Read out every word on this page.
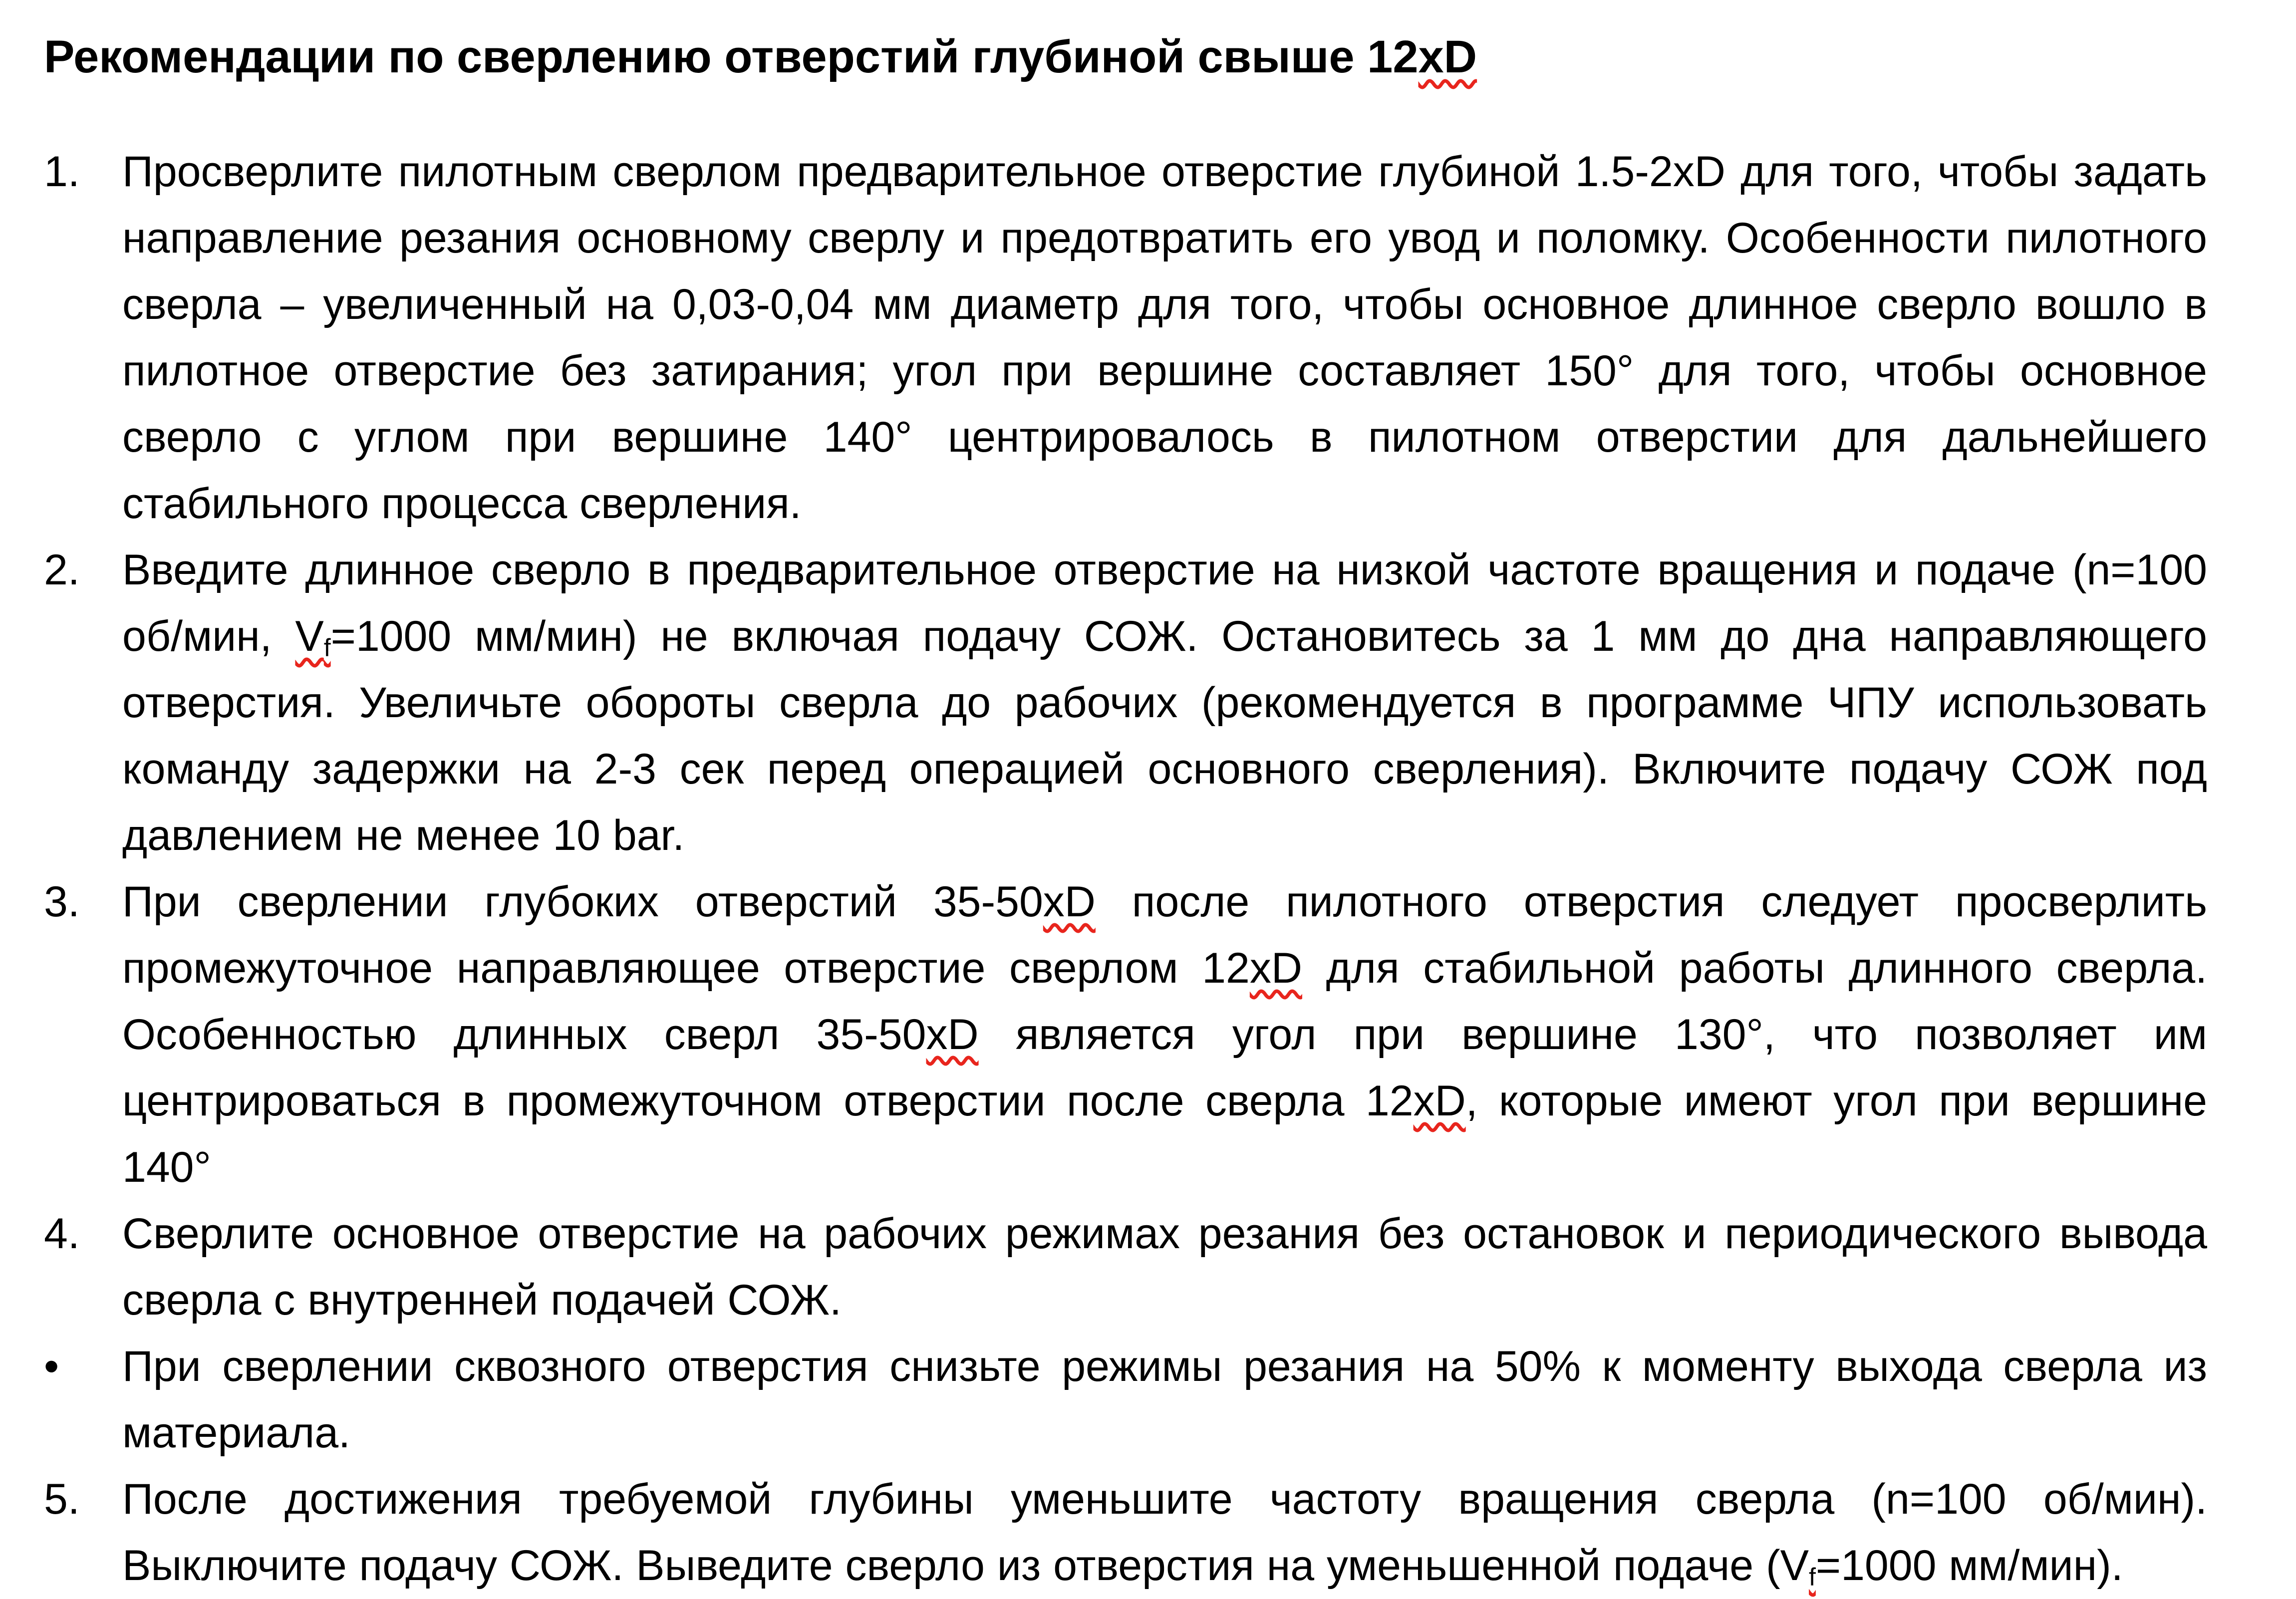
Рекомендации по сверлению отверстий глубиной свыше 12xD
1. Просверлите пилотным сверлом предварительное отверстие глубиной 1.5-2xD для того, чтобы задать направление резания основному сверлу и предотвратить его увод и поломку. Особенности пилотного сверла – увеличенный на 0,03-0,04 мм диаметр для того, чтобы основное длинное сверло вошло в пилотное отверстие без затирания; угол при вершине составляет 150° для того, чтобы основное сверло с углом при вершине 140° центрировалось в пилотном отверстии для дальнейшего стабильного процесса сверления.

2. Введите длинное сверло в предварительное отверстие на низкой частоте вращения и подаче (n=100 об/мин, $V_f=1000$ мм/мин) не включая подачу СОЖ. Остановитесь за 1 мм до дна направляющего отверстия. Увеличьте обороты сверла до рабочих (рекомендуется в программе ЧПУ использовать команду задержки на 2-3 сек перед операцией основного сверления). Включите подачу СОЖ под давлением не менее 10 bar.

3. При сверлении глубоких отверстий 35-50xD после пилотного отверстия следует просверлить промежуточное направляющее отверстие сверлом 12xD для стабильной работы длинного сверла. Особенностью длинных сверл 35-50xD является угол при вершине 130°, что позволяет им центрироваться в промежуточном отверстии после сверла 12xD, которые имеют угол при вершине 140°

4. Сверлите основное отверстие на рабочих режимах резания без остановок и периодического вывода сверла с внутренней подачей СОЖ.

•	При сверлении сквозного отверстия снизьте режимы резания на 50% к моменту выхода сверла из материала.

5. После достижения требуемой глубины уменьшите частоту вращения сверла (n=100 об/мин). Выключите подачу СОЖ. Выведите сверло из отверстия на уменьшенной подаче ($V_f=1000$ мм/мин).
